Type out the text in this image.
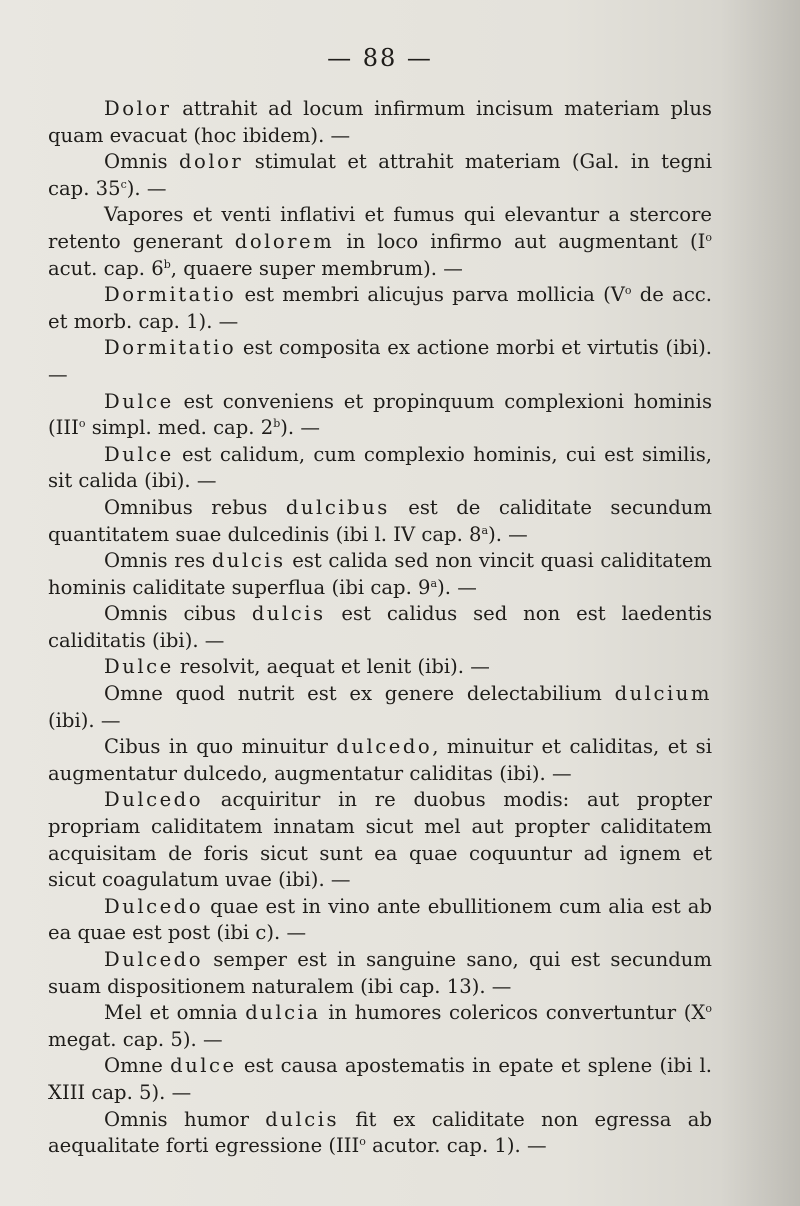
— 88 —

Dolor attrahit ad locum infirmum incisum materiam plus quam evacuat (hoc ibidem). —

Omnis dolor stimulat et attrahit materiam (Gal. in tegni cap. 35$^c$). —

Vapores et venti inflativi et fumus qui elevantur a stercore retento generant dolorem in loco infirmo aut augmentant ($I^o$ acut. cap. 6$^b$, quaere super membrum). —

Dormitatio est membri alicujus parva mollicia ($V^o$ de acc. et morb. cap. 1). —

Dormitatio est composita ex actione morbi et virtutis (ibi). —

Dulce est conveniens et propinquum complexioni hominis (III$^o$ simpl. med. cap. 2$^b$). —

Dulce est calidum, cum complexio hominis, cui est similis, sit calida (ibi). —

Omnibus rebus dulcibus est de caliditate secundum quantitatem suae dulcedinis (ibi l. IV cap. 8$^a$). —

Omnis res dulcis est calida sed non vincit quasi caliditatem hominis caliditate superflua (ibi cap. 9$^a$). —

Omnis cibus dulcis est calidus sed non est laedentis caliditatis (ibi). —

Dulce resolvit, aequat et lenit (ibi). —

Omne quod nutrit est ex genere delectabilium dulcium (ibi). —

Cibus in quo minuitur dulcedo, minuitur et caliditas, et si augmentatur dulcedo, augmentatur caliditas (ibi). —

Dulcedo acquiritur in re duobus modis: aut propter propriam caliditatem innatam sicut mel aut propter caliditatem acquisitam de foris sicut sunt ea quae coquuntur ad ignem et sicut coagulatum uvae (ibi). —

Dulcedo quae est in vino ante ebullitionem cum alia est ab ea quae est post (ibi c). —

Dulcedo semper est in sanguine sano, qui est secundum suam dispositionem naturalem (ibi cap. 13). —

Mel et omnia dulcia in humores colericos convertuntur ($X^o$ megat. cap. 5). —

Omne dulce est causa apostematis in epate et splene (ibi l. XIII cap. 5). —

Omnis humor dulcis fit ex caliditate non egressa ab aequalitate forti egressione (III$^o$ acutor. cap. 1). —
